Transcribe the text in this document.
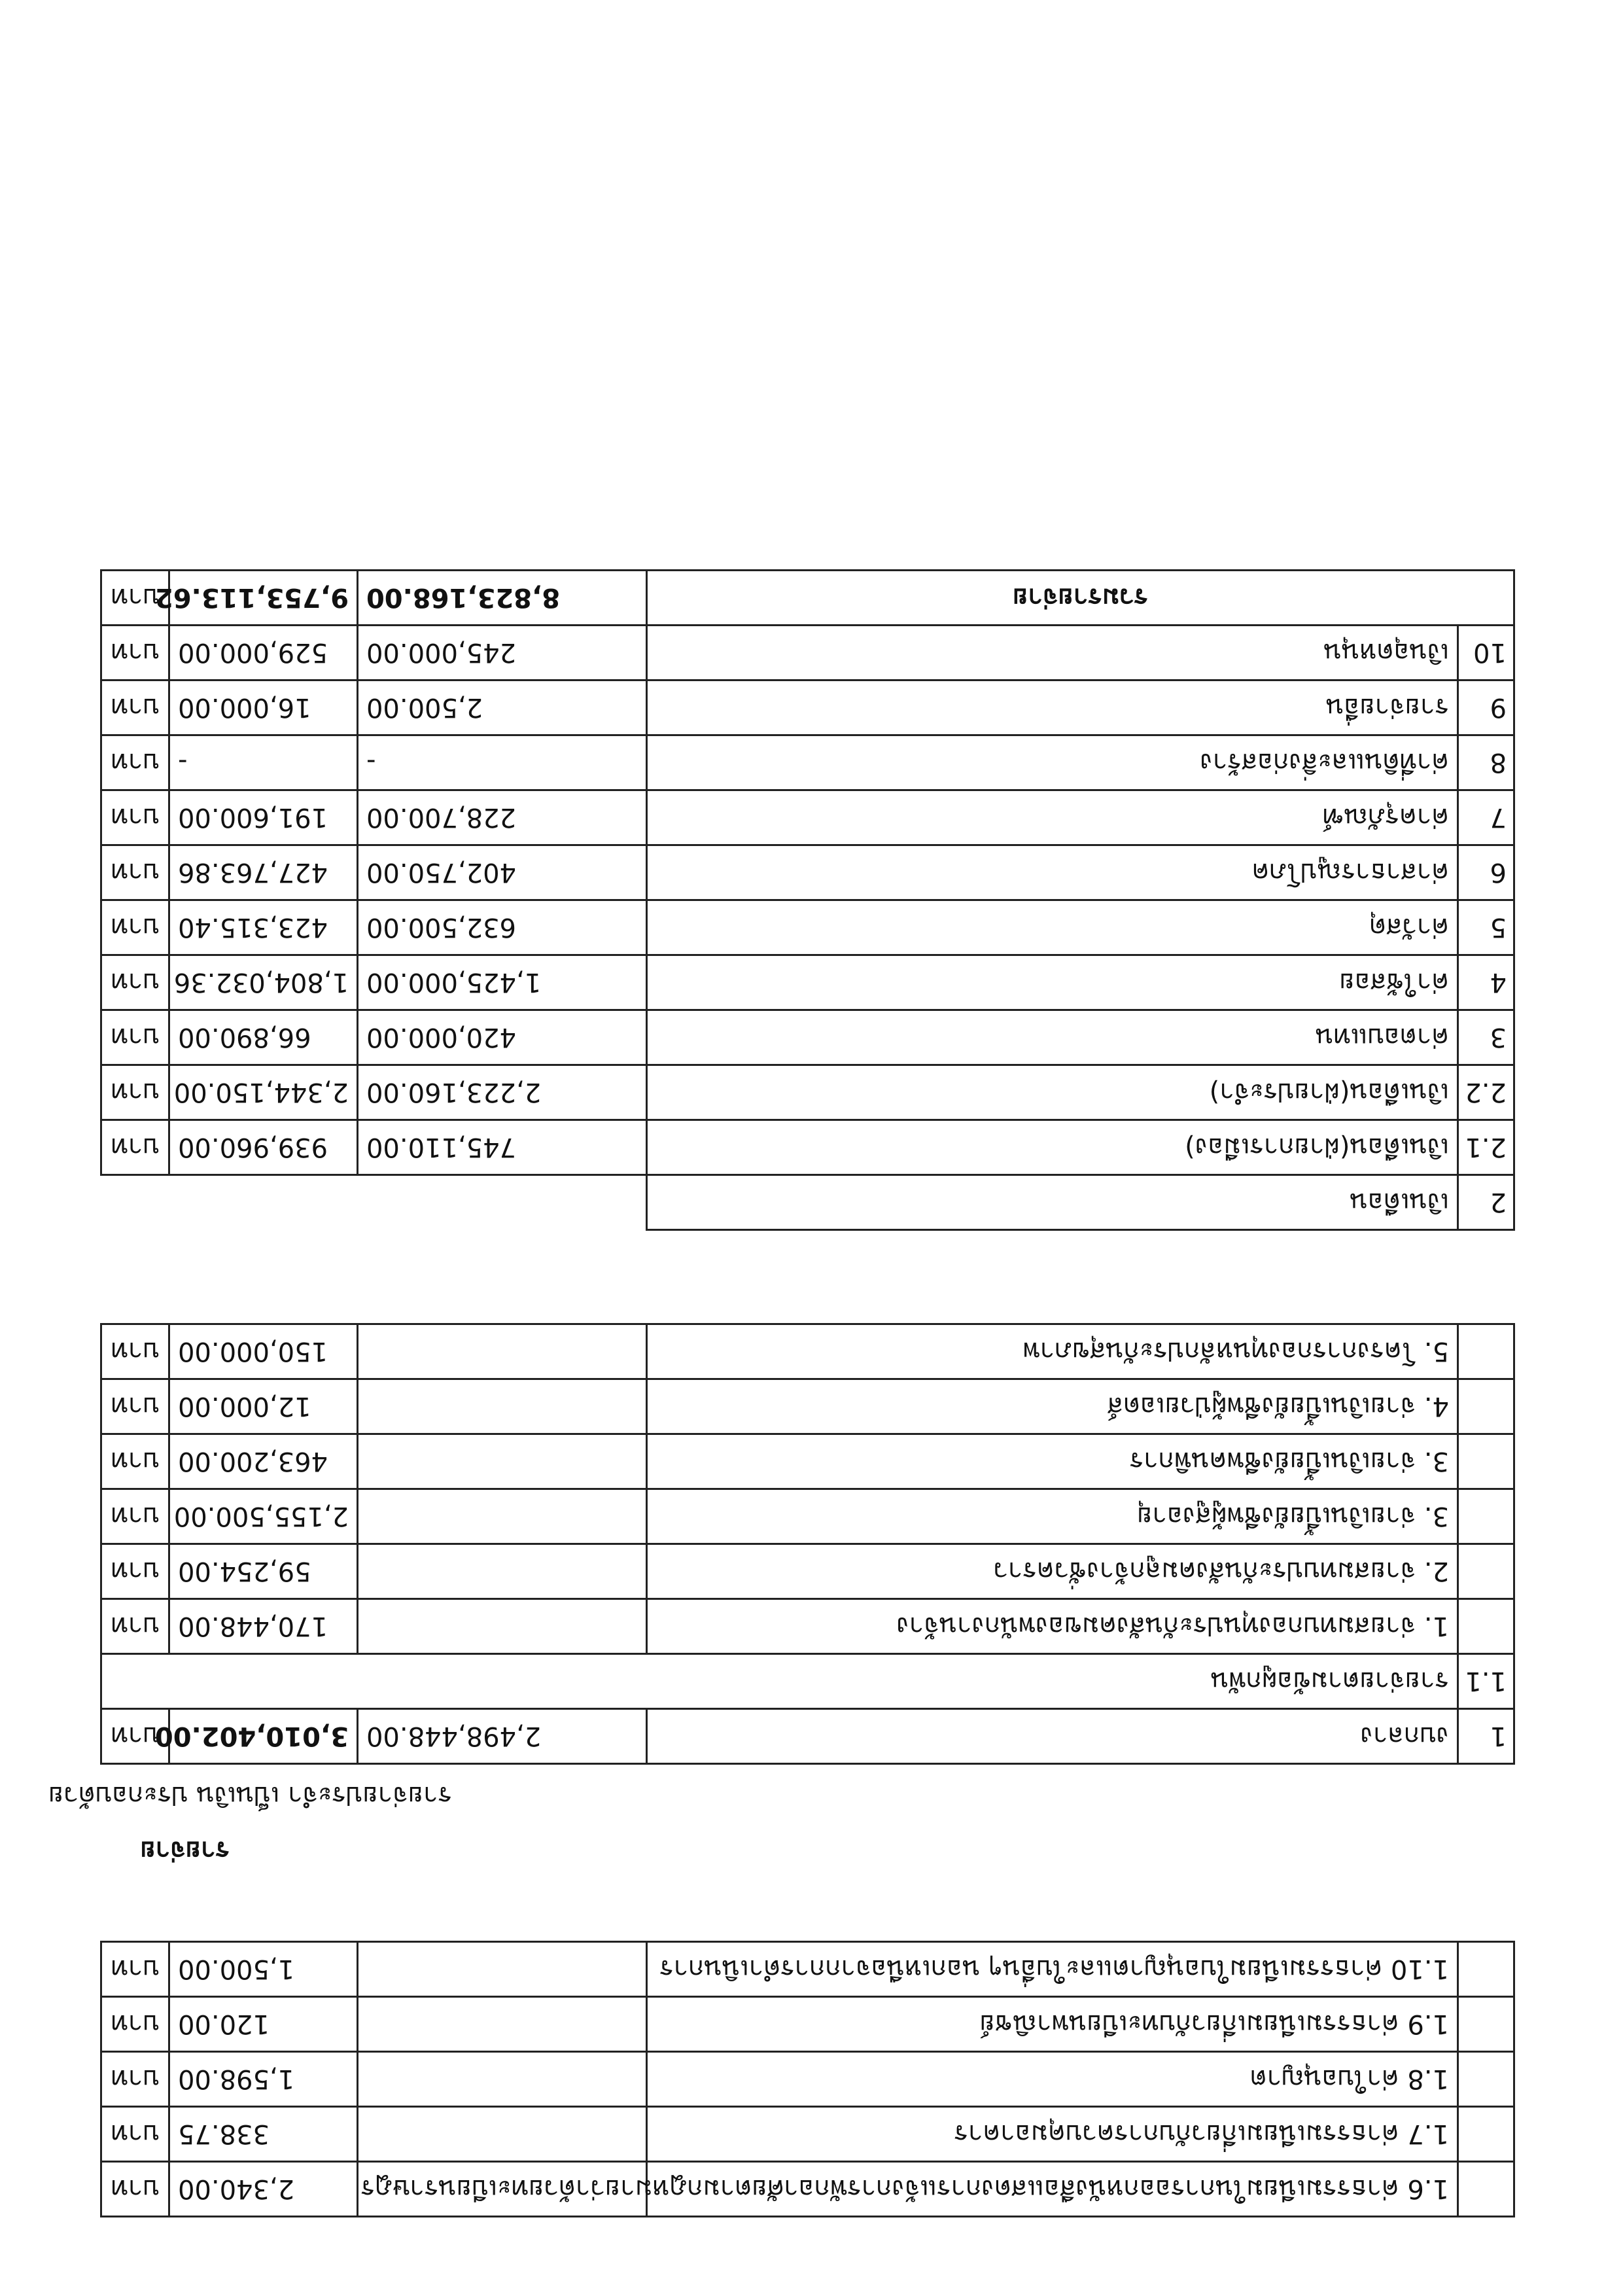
	1.6 ค่าธรรมเนียมในการออกหนังสือแสดงการแจ้งการพักอาศัยตามกฎหมายว่าด้วยทะเบียนราษฎร		2,340.00	บาท
	1.7 ค่าธรรมเนียมเกี่ยวกับการควบคุมอาคาร		338.75	บาท
	1.8 ค่าใบอนุญาต		1,598.00	บาท
	1.9 ค่าธรรมเนียมเกี่ยวกับทะเบียนพาณิชย์		120.00	บาท
	1.10 ค่าธรรมเนียมใบอนุญาตและใบอื่นๆ นอกเหนือจากการดำเนินการ		1,500.00	บาท
รายจ่าย
รายจ่ายประจำ เป็นเงิน ประกอบด้วย
1	งบกลาง	2,498,448.00	3,010,402.00	บาท
1.1	รายจ่ายตามข้อผูกพัน			
	1. จ่ายสมทบกองทุนประกันสังคมของพนักงานจ้าง		170,448.00	บาท
	2. จ่ายสมทบประกันสังคมลูกจ้างชั่วคราว		59,254.00	บาท
	3. จ่ายเงินเบี้ยยังชีพผู้สูงอายุ		2,155,500.00	บาท
	3. จ่ายเงินเบี้ยยังชีพคนพิการ		463,200.00	บาท
	4. จ่ายเงินเบี้ยยังชีพผู้ป่วยเอดส์		12,000.00	บาท
	5. โครงการกองทุนหลักประกันสุขภาพ		150,000.00	บาท
2	เงินเดือน			
2.1	เงินเดือน(ฝ่ายการเมือง)	745,110.00	939,960.00	บาท
2.2	เงินเดือน(ฝ่ายประจำ)	2,223,160.00	2,344,150.00	บาท
3	ค่าตอบแทน	420,000.00	66,890.00	บาท
4	ค่าใช้สอย	1,425,000.00	1,804,032.36	บาท
5	ค่าวัสดุ	632,500.00	423,315.40	บาท
6	ค่าสาธารณูปโภค	402,750.00	427,763.86	บาท
7	ค่าครุภัณฑ์	228,700.00	191,600.00	บาท
8	ค่าที่ดินและสิ่งก่อสร้าง	-	-	บาท
9	รายจ่ายอื่น	2,500.00	16,000.00	บาท
10	เงินอุดหนุน	245,000.00	529,000.00	บาท
รวมรายจ่าย		8,823,168.00	9,753,113.62	บาท
